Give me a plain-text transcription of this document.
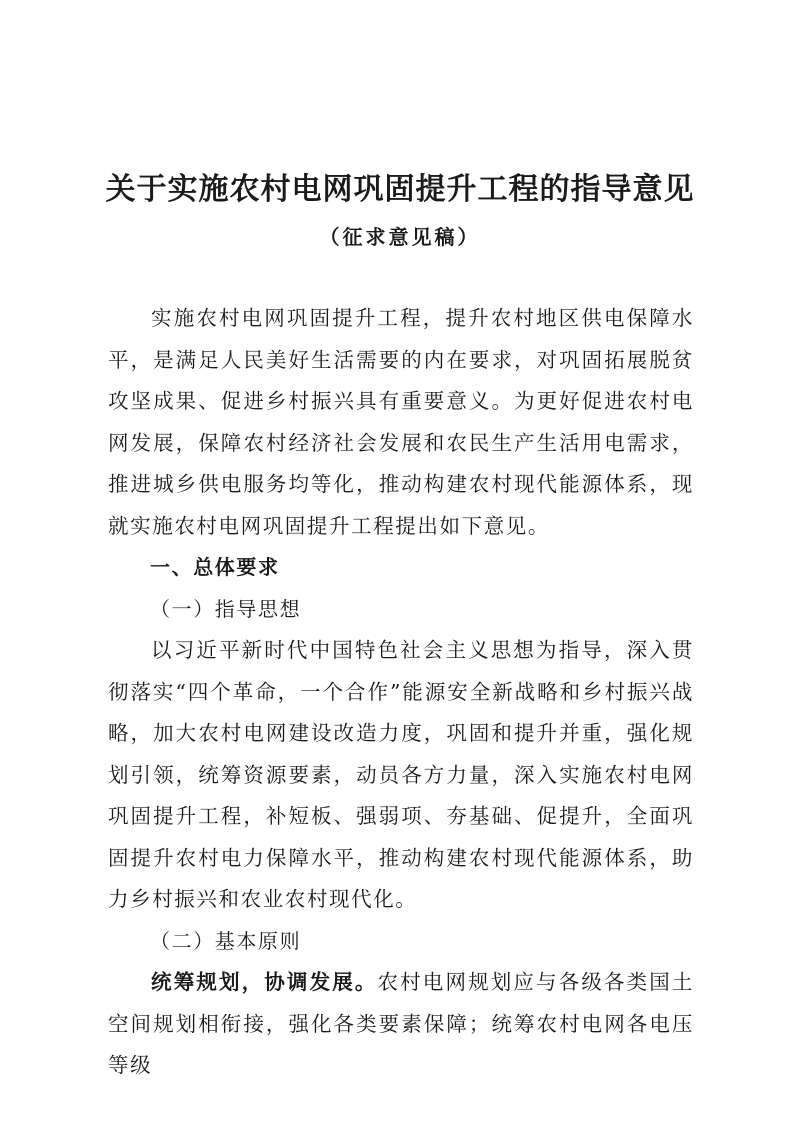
关于实施农村电网巩固提升工程的指导意见
（征求意见稿）

实施农村电网巩固提升工程，提升农村地区供电保障水平，是满足人民美好生活需要的内在要求，对巩固拓展脱贫攻坚成果、促进乡村振兴具有重要意义。为更好促进农村电网发展，保障农村经济社会发展和农民生产生活用电需求，推进城乡供电服务均等化，推动构建农村现代能源体系，现就实施农村电网巩固提升工程提出如下意见。

一、总体要求

（一）指导思想

以习近平新时代中国特色社会主义思想为指导，深入贯彻落实“四个革命，一个合作”能源安全新战略和乡村振兴战略，加大农村电网建设改造力度，巩固和提升并重，强化规划引领，统筹资源要素，动员各方力量，深入实施农村电网巩固提升工程，补短板、强弱项、夯基础、促提升，全面巩固提升农村电力保障水平，推动构建农村现代能源体系，助力乡村振兴和农业农村现代化。

（二）基本原则

统筹规划，协调发展。农村电网规划应与各级各类国土空间规划相衔接，强化各类要素保障；统筹农村电网各电压等级
